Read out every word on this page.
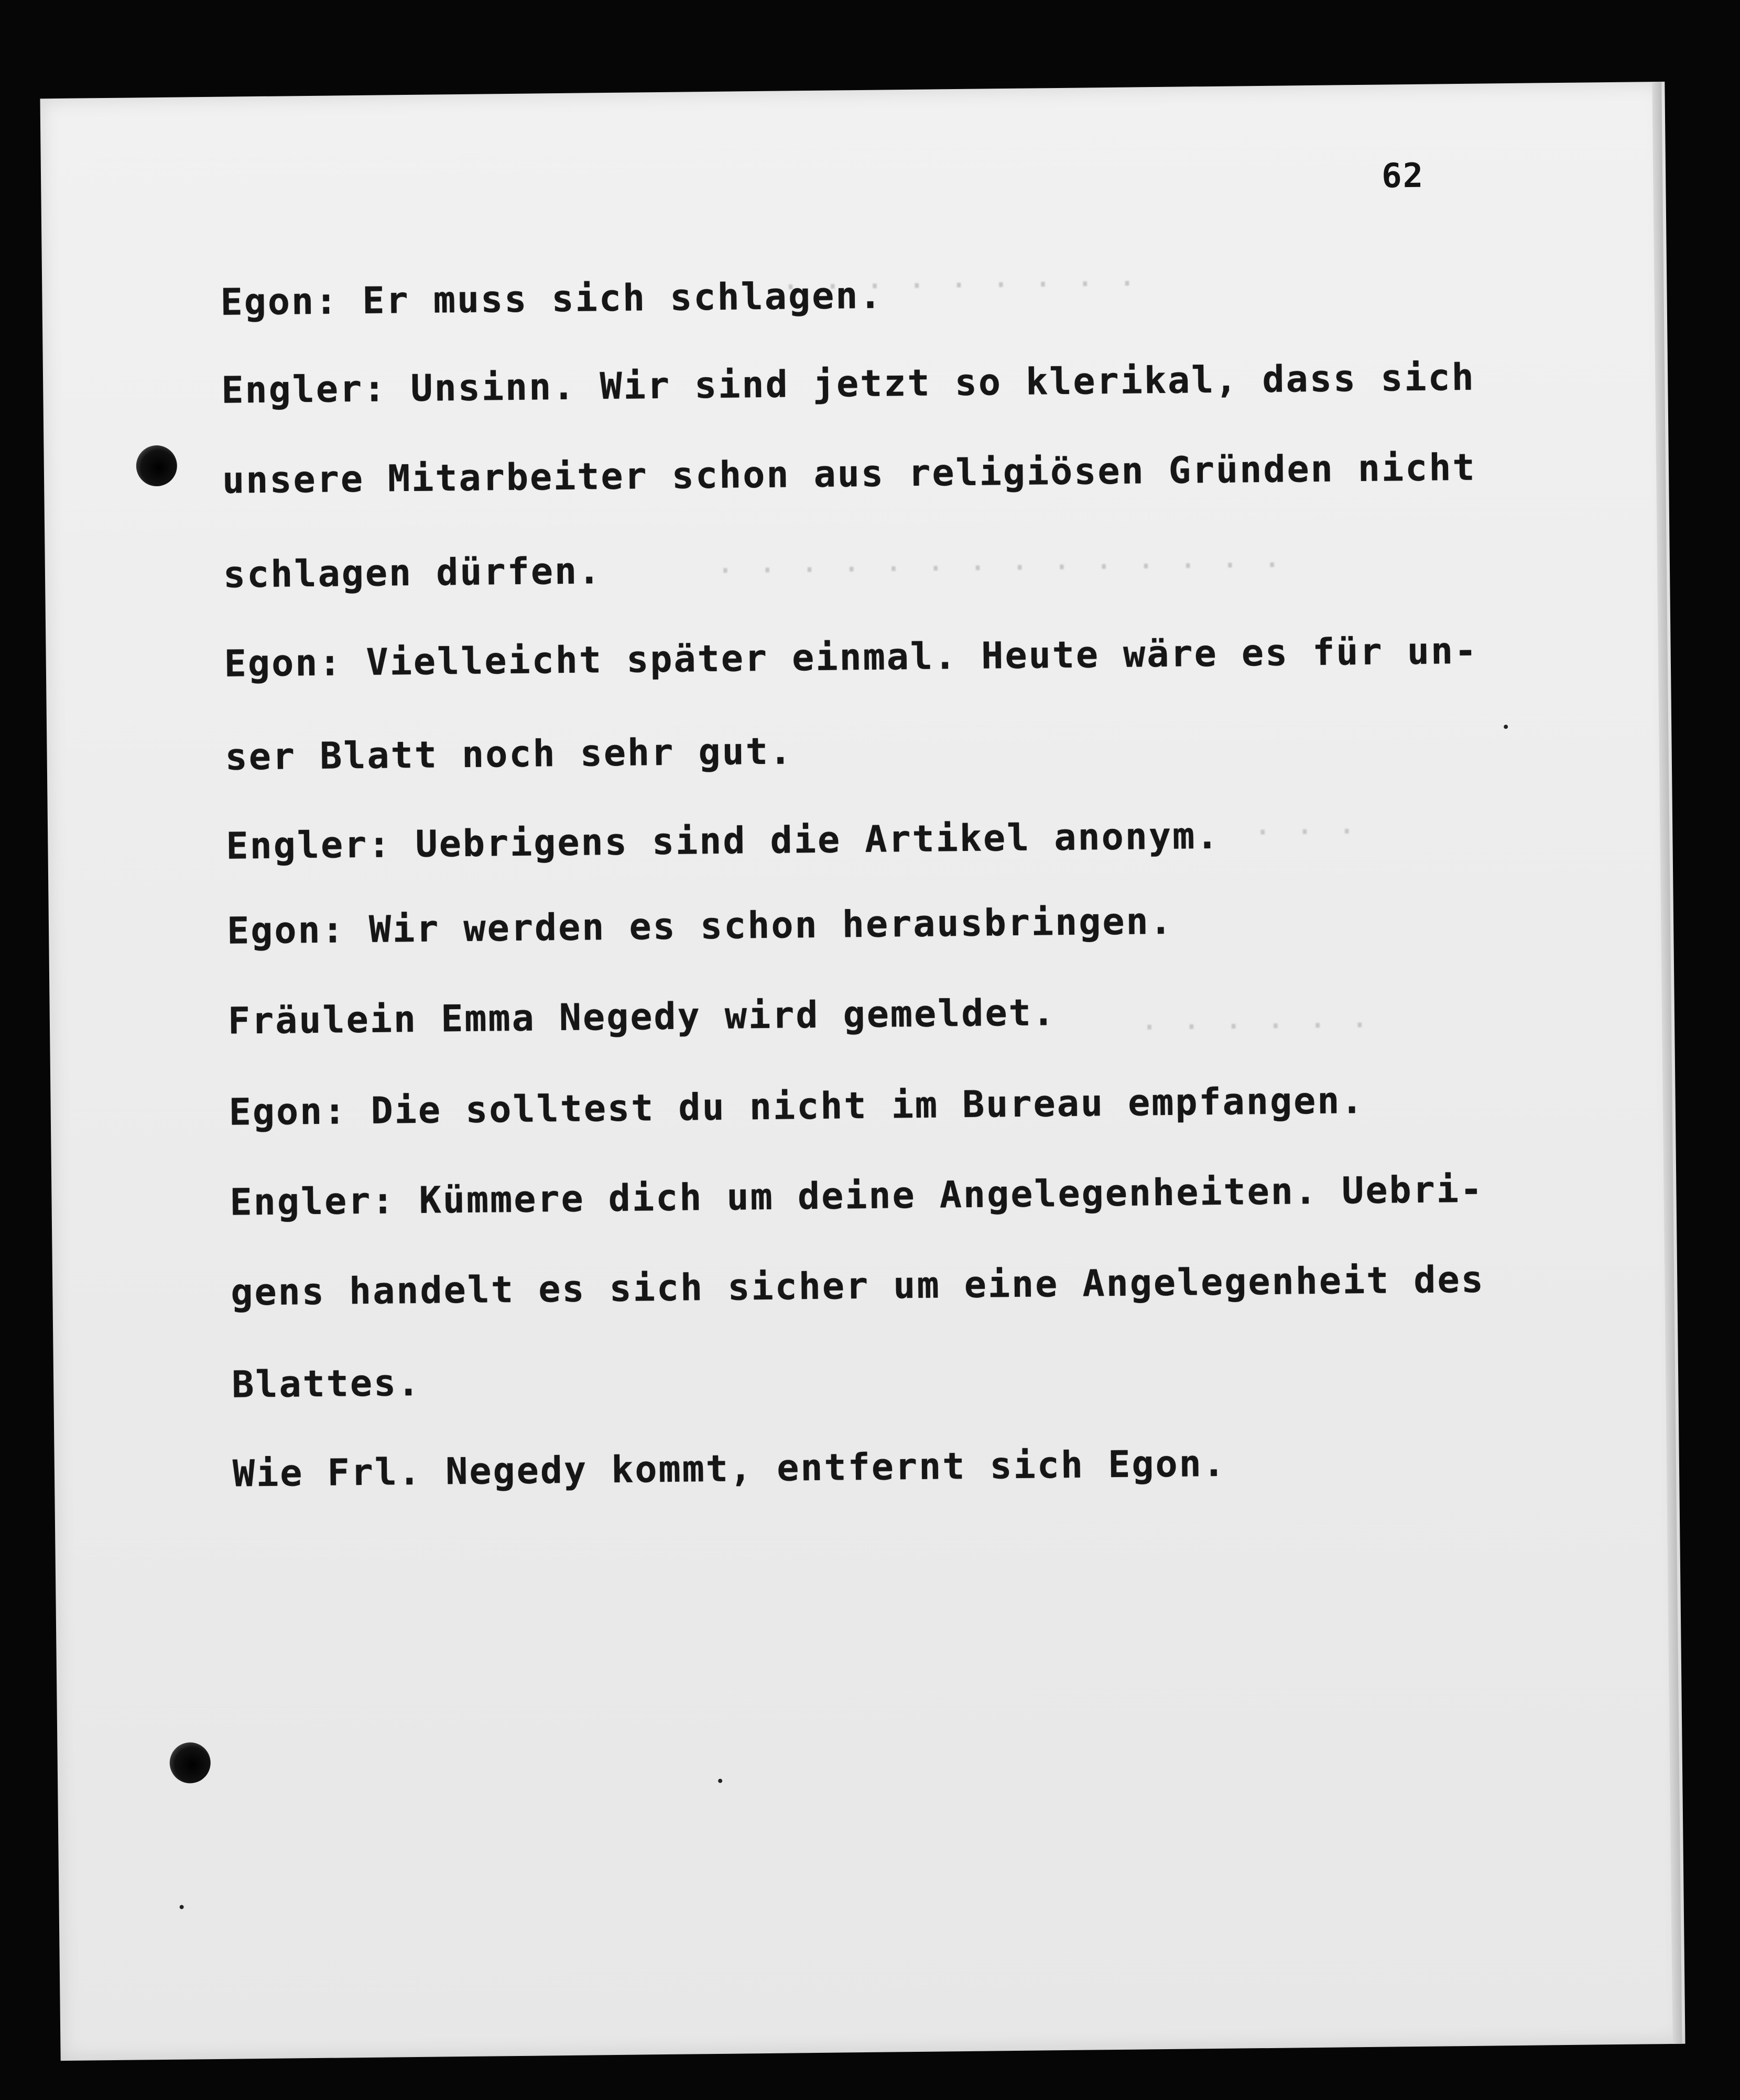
· · · · · · · · · ·
· · · · · · · · · · · · · ·
· · ·
· · · · · ·
62
Egon: Er muss sich schlagen.
Engler: Unsinn. Wir sind jetzt so klerikal, dass sich
unsere Mitarbeiter schon aus religiösen Gründen nicht
schlagen dürfen.
Egon: Vielleicht später einmal. Heute wäre es für un-
ser Blatt noch sehr gut.
Engler: Uebrigens sind die Artikel anonym.
Egon: Wir werden es schon herausbringen.
Fräulein Emma Negedy wird gemeldet.
Egon: Die solltest du nicht im Bureau empfangen.
Engler: Kümmere dich um deine Angelegenheiten. Uebri-
gens handelt es sich sicher um eine Angelegenheit des
Blattes.
Wie Frl. Negedy kommt, entfernt sich Egon.
